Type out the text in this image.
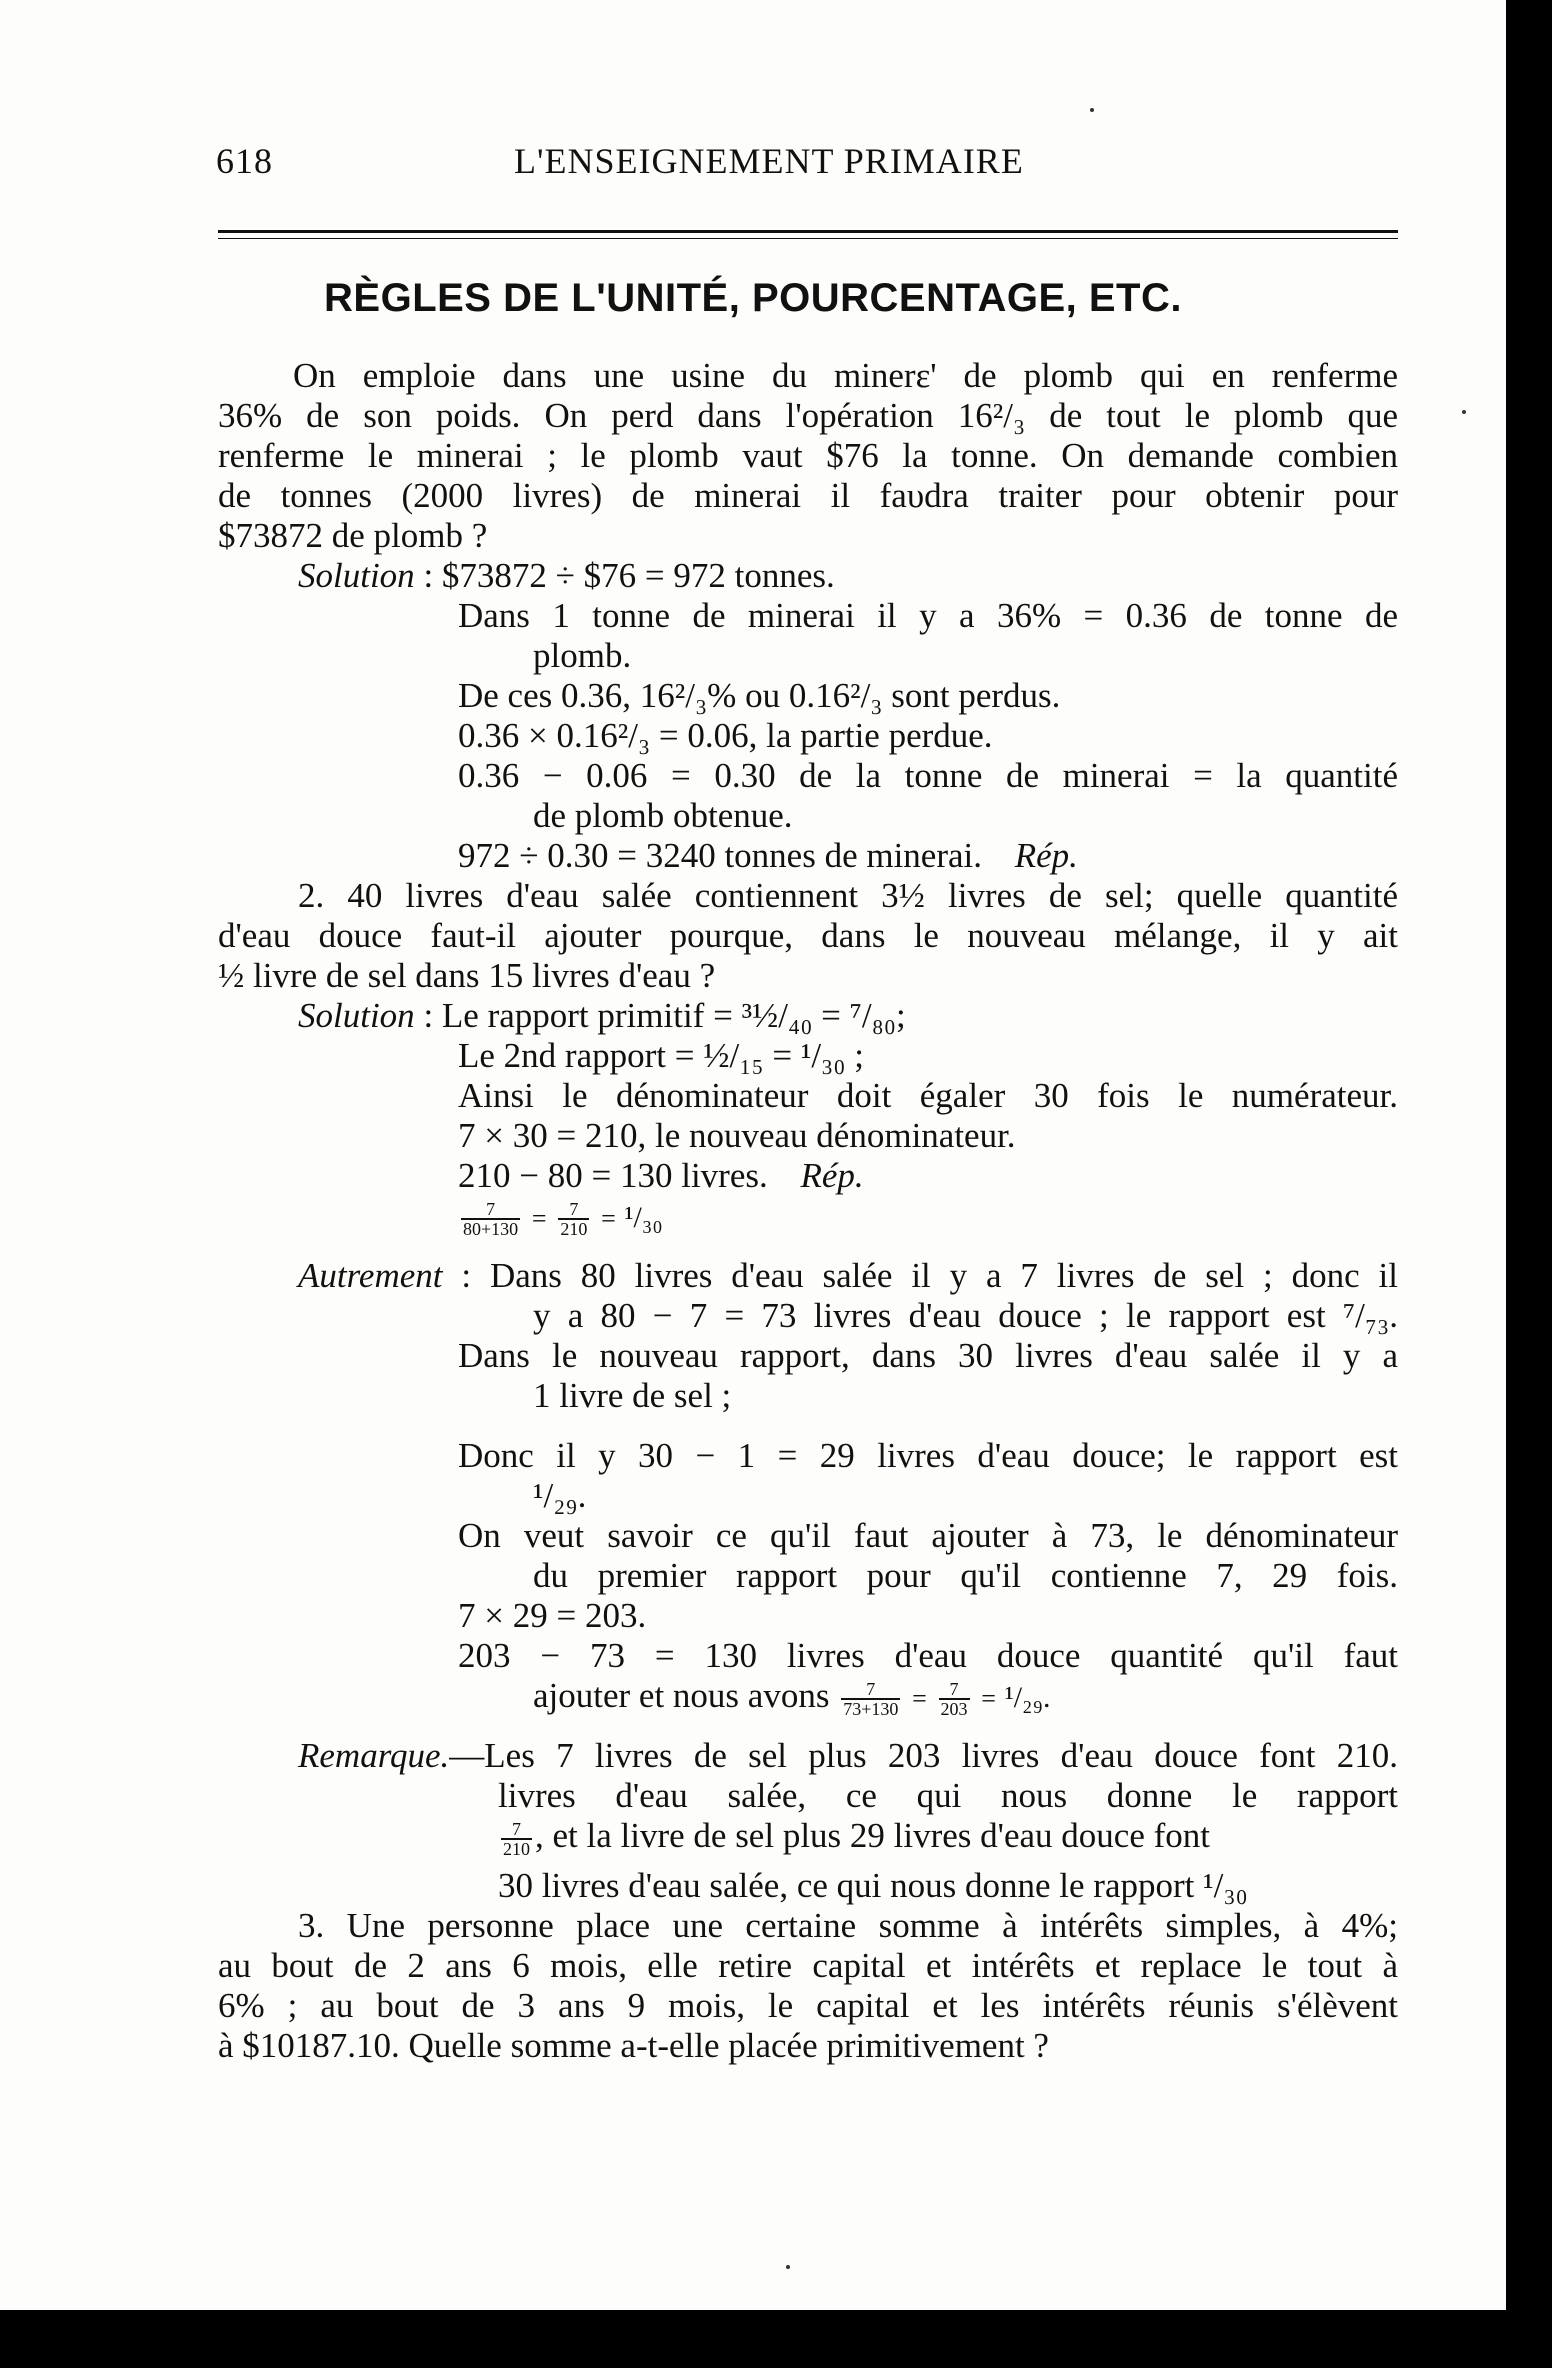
618	L'ENSEIGNEMENT PRIMAIRE
RÈGLES DE L'UNITÉ, POURCENTAGE, ETC.
On emploie dans une usine du minerε' de plomb qui en renferme
36% de son poids. On perd dans l'opération 16²/₃ de tout le plomb que
renferme le minerai ; le plomb vaut $76 la tonne. On demande combien
de tonnes (2000 livres) de minerai il faυdra traiter pour obtenir pour
$73872 de plomb ?
Solution : $73872 ÷ $76 = 972 tonnes.
Dans 1 tonne de minerai il y a 36% = 0.36 de tonne de
plomb.
De ces 0.36, 16²/₃% ou 0.16²/₃ sont perdus.
0.36 × 0.16²/₃ = 0.06, la partie perdue.
0.36 − 0.06 = 0.30 de la tonne de minerai = la quantité
de plomb obtenue.
972 ÷ 0.30 = 3240 tonnes de minerai. Rép.
2. 40 livres d'eau salée contiennent 3½ livres de sel; quelle quantité
d'eau douce faut-il ajouter pourque, dans le nouveau mélange, il y ait
½ livre de sel dans 15 livres d'eau ?
Solution : Le rapport primitif = ³½/₄₀ = ⁷/₈₀;
Le 2nd rapport = ½/₁₅ = ¹/₃₀ ;
Ainsi le dénominateur doit égaler 30 fois le numérateur.
7 × 30 = 210, le nouveau dénominateur.
210 − 80 = 130 livres. Rép.
$\frac{7}{80+130} = \frac{7}{210} = ^1/_{30}$
Autrement : Dans 80 livres d'eau salée il y a 7 livres de sel ; donc il
y a 80 − 7 = 73 livres d'eau douce ; le rapport est ⁷/₇₃.
Dans le nouveau rapport, dans 30 livres d'eau salée il y a
1 livre de sel ;
Donc il y 30 − 1 = 29 livres d'eau douce; le rapport est
¹/₂₉.
On veut savoir ce qu'il faut ajouter à 73, le dénominateur
du premier rapport pour qu'il contienne 7, 29 fois.
7 × 29 = 203.
203 − 73 = 130 livres d'eau douce quantité qu'il faut
ajouter et nous avons $\frac{7}{73+130} = \frac{7}{203} = ^1/_{29}$.
Remarque.—Les 7 livres de sel plus 203 livres d'eau douce font 210.
livres d'eau salée, ce qui nous donne le rapport
$\frac{7}{210}$ , et la livre de sel plus 29 livres d'eau douce font
30 livres d'eau salée, ce qui nous donne le rapport ¹/₃₀
3. Une personne place une certaine somme à intérêts simples, à 4%;
au bout de 2 ans 6 mois, elle retire capital et intérêts et replace le tout à
6% ; au bout de 3 ans 9 mois, le capital et les intérêts réunis s'élèvent
à $10187.10. Quelle somme a-t-elle placée primitivement ?
